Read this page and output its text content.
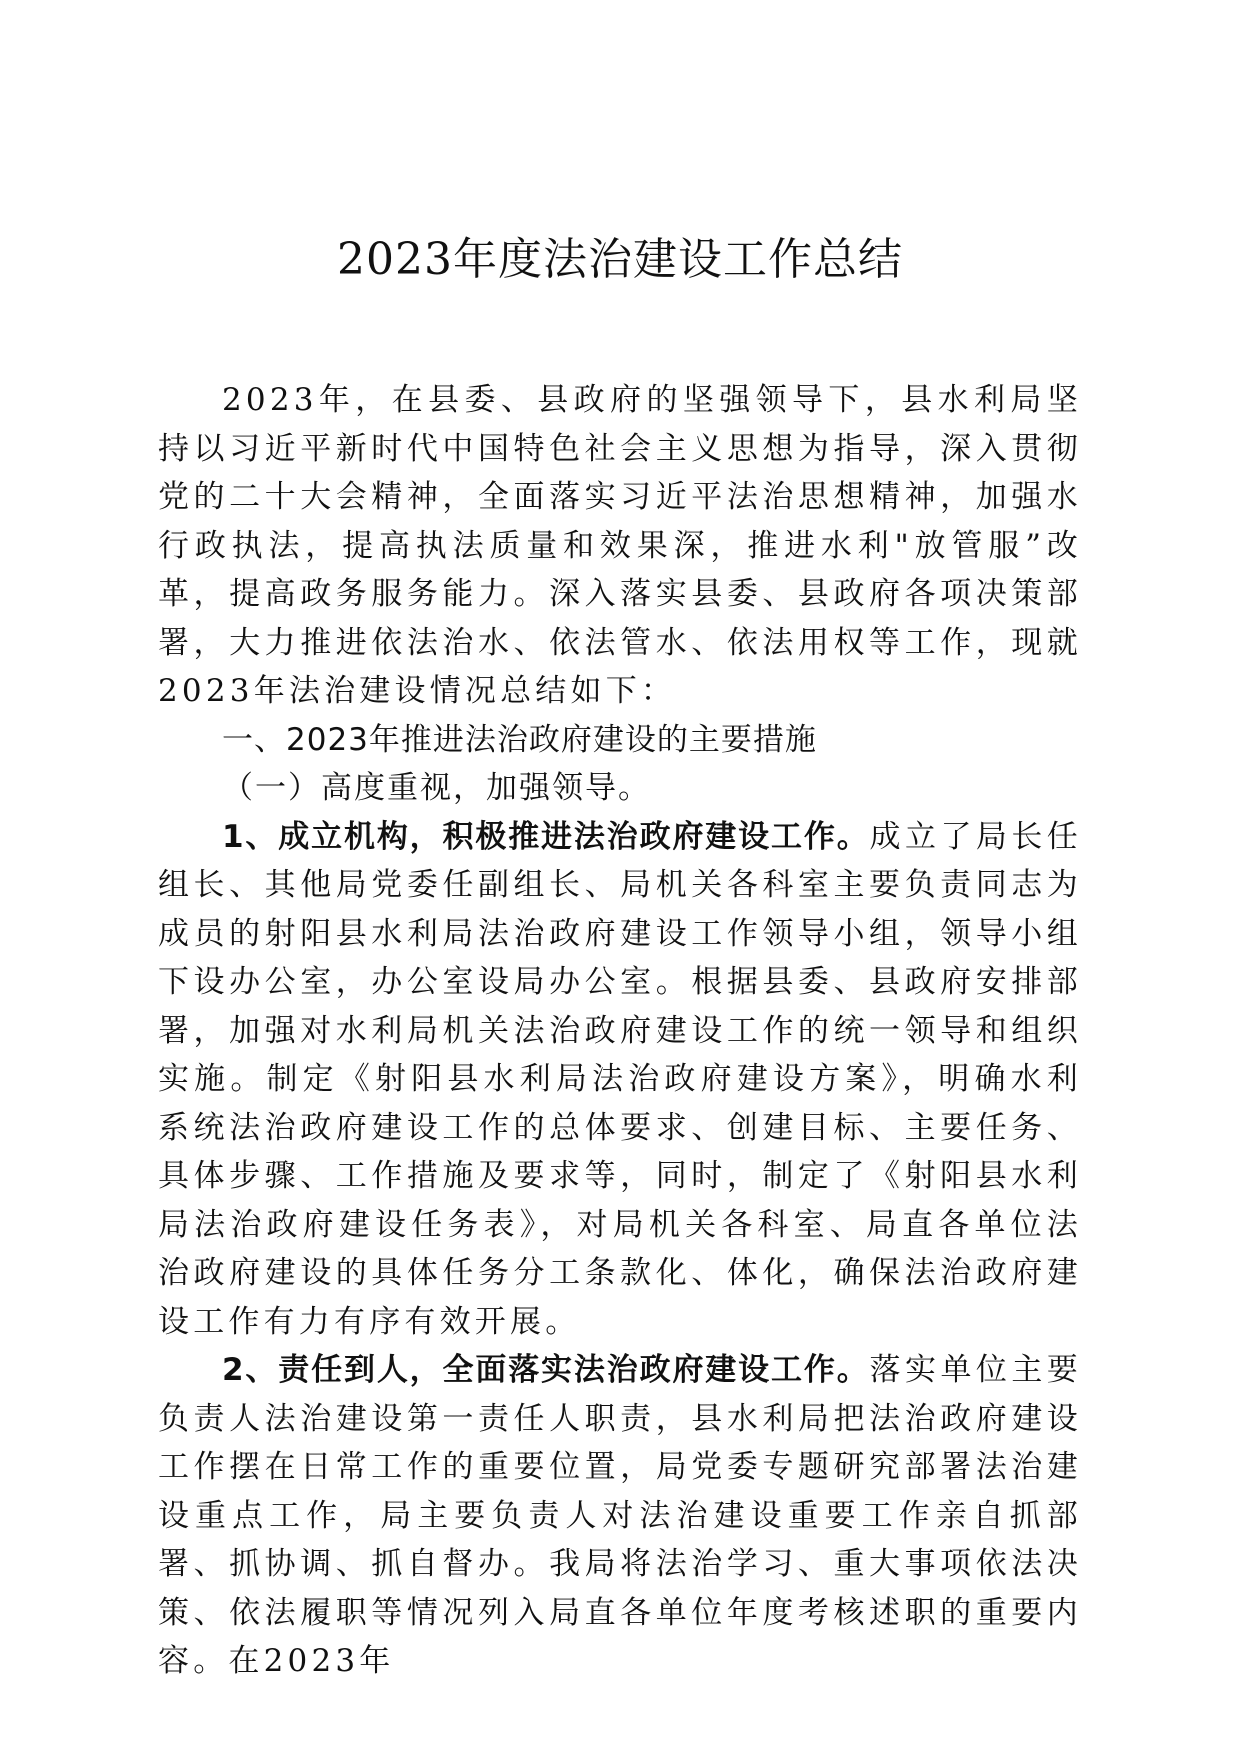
2023年度法治建设工作总结

2023年，在县委、县政府的坚强领导下，县水利局坚持以习近平新时代中国特色社会主义思想为指导，深入贯彻党的二十大会精神，全面落实习近平法治思想精神，加强水行政执法，提高执法质量和效果深，推进水利"放管服”改革，提高政务服务能力。深入落实县委、县政府各项决策部署，大力推进依法治水、依法管水、依法用权等工作，现就2023年法治建设情况总结如下：

一、2023年推进法治政府建设的主要措施

（一）高度重视，加强领导。

1、成立机构，积极推进法治政府建设工作。成立了局长任组长、其他局党委任副组长、局机关各科室主要负责同志为成员的射阳县水利局法治政府建设工作领导小组，领导小组下设办公室，办公室设局办公室。根据县委、县政府安排部署，加强对水利局机关法治政府建设工作的统一领导和组织实施。制定《射阳县水利局法治政府建设方案》，明确水利系统法治政府建设工作的总体要求、创建目标、主要任务、具体步骤、工作措施及要求等，同时，制定了《射阳县水利局法治政府建设任务表》，对局机关各科室、局直各单位法治政府建设的具体任务分工条款化、体化，确保法治政府建设工作有力有序有效开展。

2、责任到人，全面落实法治政府建设工作。落实单位主要负责人法治建设第一责任人职责，县水利局把法治政府建设工作摆在日常工作的重要位置，局党委专题研究部署法治建设重点工作，局主要负责人对法治建设重要工作亲自抓部署、抓协调、抓自督办。我局将法治学习、重大事项依法决策、依法履职等情况列入局直各单位年度考核述职的重要内容。在2023年
